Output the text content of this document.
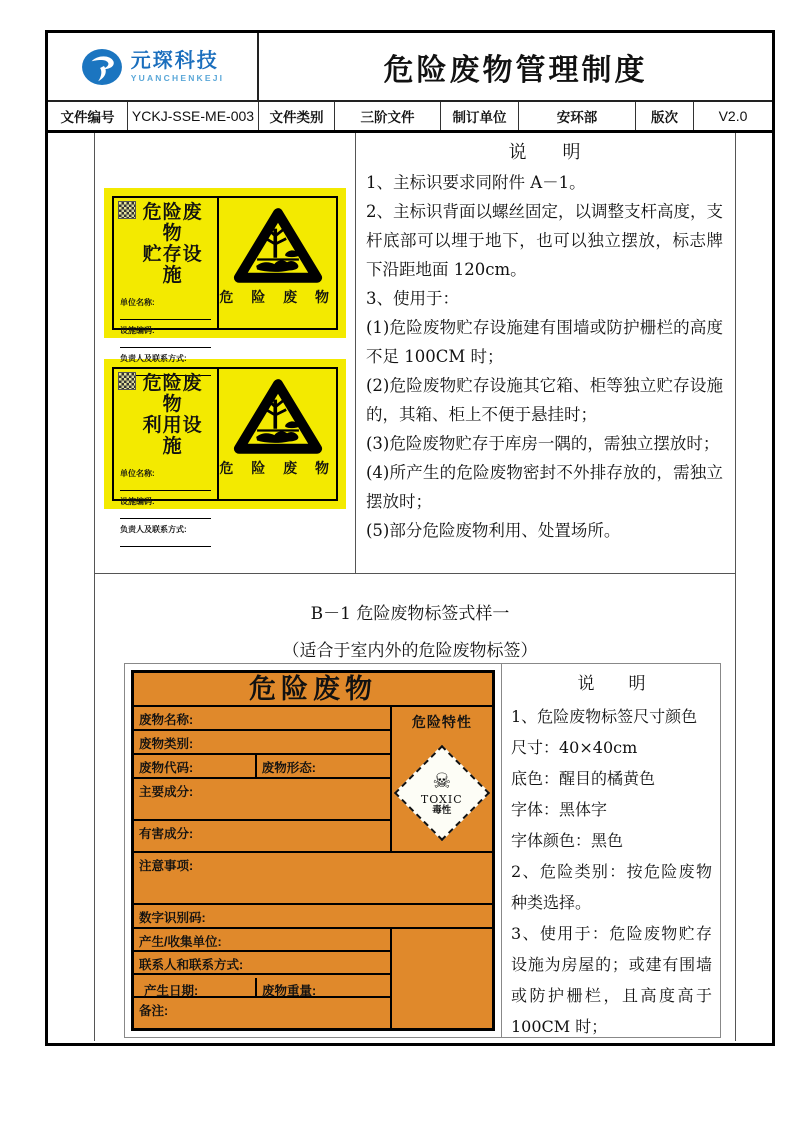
元琛科技
YUANCHENKEJI	危险废物管理制度
文件编号	YCKJ-SSE-ME-003	文件类别	三阶文件	制订单位	安环部	版次	V2.0
危险废物
贮存设施
单位名称:
设施编码:
负责人及联系方式:
危 险 废 物
危险废物
利用设施
单位名称:
设施编码:
负责人及联系方式:
危 险 废 物
说　　明
1、主标识要求同附件 A－1。
2、主标识背面以螺丝固定，以调整支杆高度，支杆底部可以埋于地下，也可以独立摆放，标志牌下沿距地面 120cm。
3、使用于：
(1)危险废物贮存设施建有围墙或防护栅栏的高度不足 100CM 时；
(2)危险废物贮存设施其它箱、柜等独立贮存设施的，其箱、柜上不便于悬挂时；
(3)危险废物贮存于库房一隅的，需独立摆放时；
(4)所产生的危险废物密封不外排存放的，需独立摆放时；
(5)部分危险废物利用、处置场所。
B－1 危险废物标签式样一
（适合于室内外的危险废物标签）
危险废物
废物名称:
废物类别:
废物代码:	废物形态:
主要成分:
有害成分:
危险特性
☠
TOXIC
毒性
注意事项:
数字识别码:
产生/收集单位:
联系人和联系方式:
产生日期:	废物重量:
备注:
说　　明
1、危险废物标签尺寸颜色
尺寸：40×40cm
底色：醒目的橘黄色
字体：黑体字
字体颜色：黑色
2、危险类别：按危险废物种类选择。
3、使用于：危险废物贮存设施为房屋的；或建有围墙或防护栅栏，且高度高于 100CM 时；
